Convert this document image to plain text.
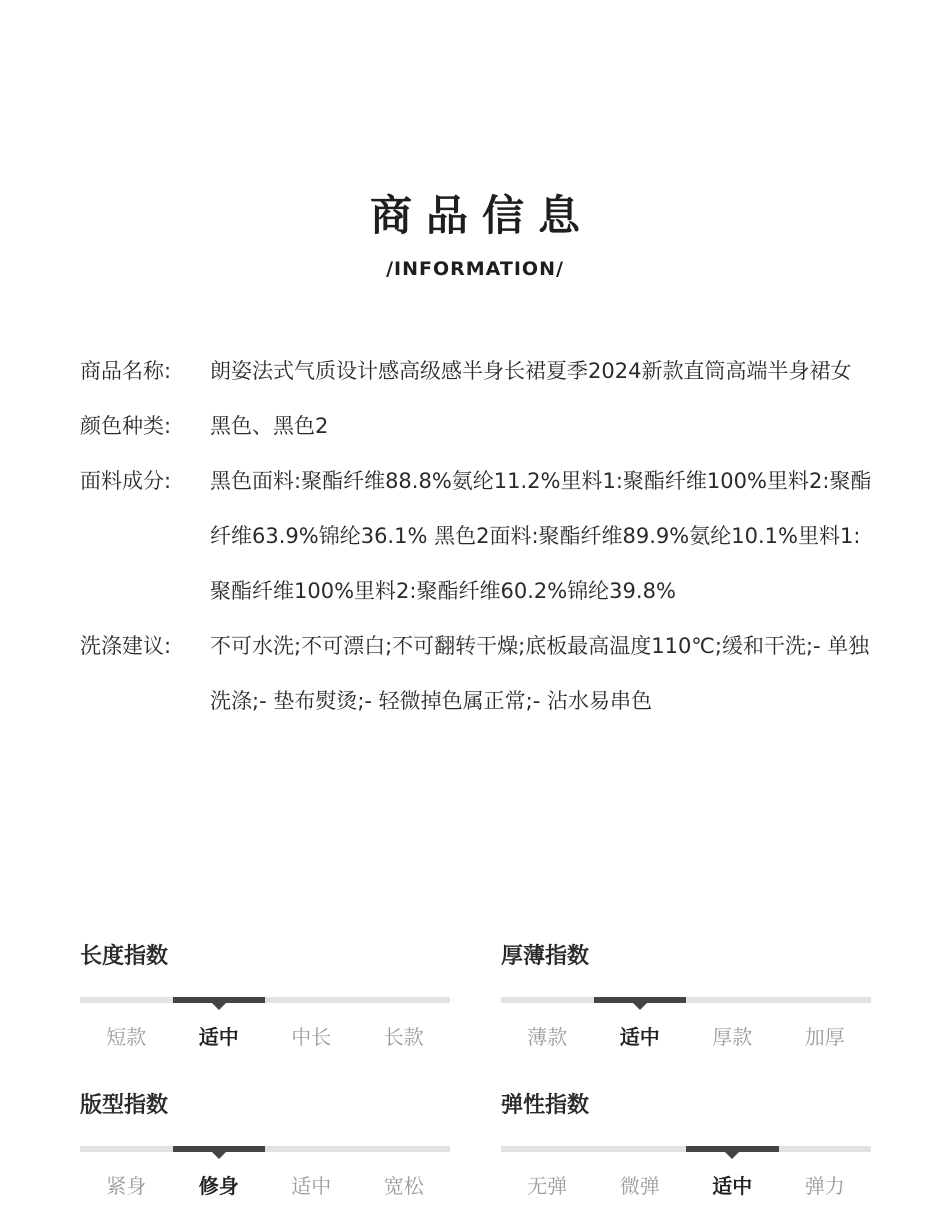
商品信息
/INFORMATION/
商品名称:	朗姿法式气质设计感高级感半身长裙夏季2024新款直筒高端半身裙女
颜色种类:	黑色、黑色2
面料成分:	黑色面料:聚酯纤维88.8%氨纶11.2%里料1:聚酯纤维100%里料2:聚酯纤维63.9%锦纶36.1% 黑色2面料:聚酯纤维89.9%氨纶10.1%里料1:聚酯纤维100%里料2:聚酯纤维60.2%锦纶39.8%
洗涤建议:	不可水洗;不可漂白;不可翻转干燥;底板最高温度110℃;缓和干洗;- 单独洗涤;- 垫布熨烫;- 轻微掉色属正常;- 沾水易串色
长度指数
短款	适中	中长	长款
厚薄指数
薄款	适中	厚款	加厚
版型指数
紧身	修身	适中	宽松
弹性指数
无弹	微弹	适中	弹力
